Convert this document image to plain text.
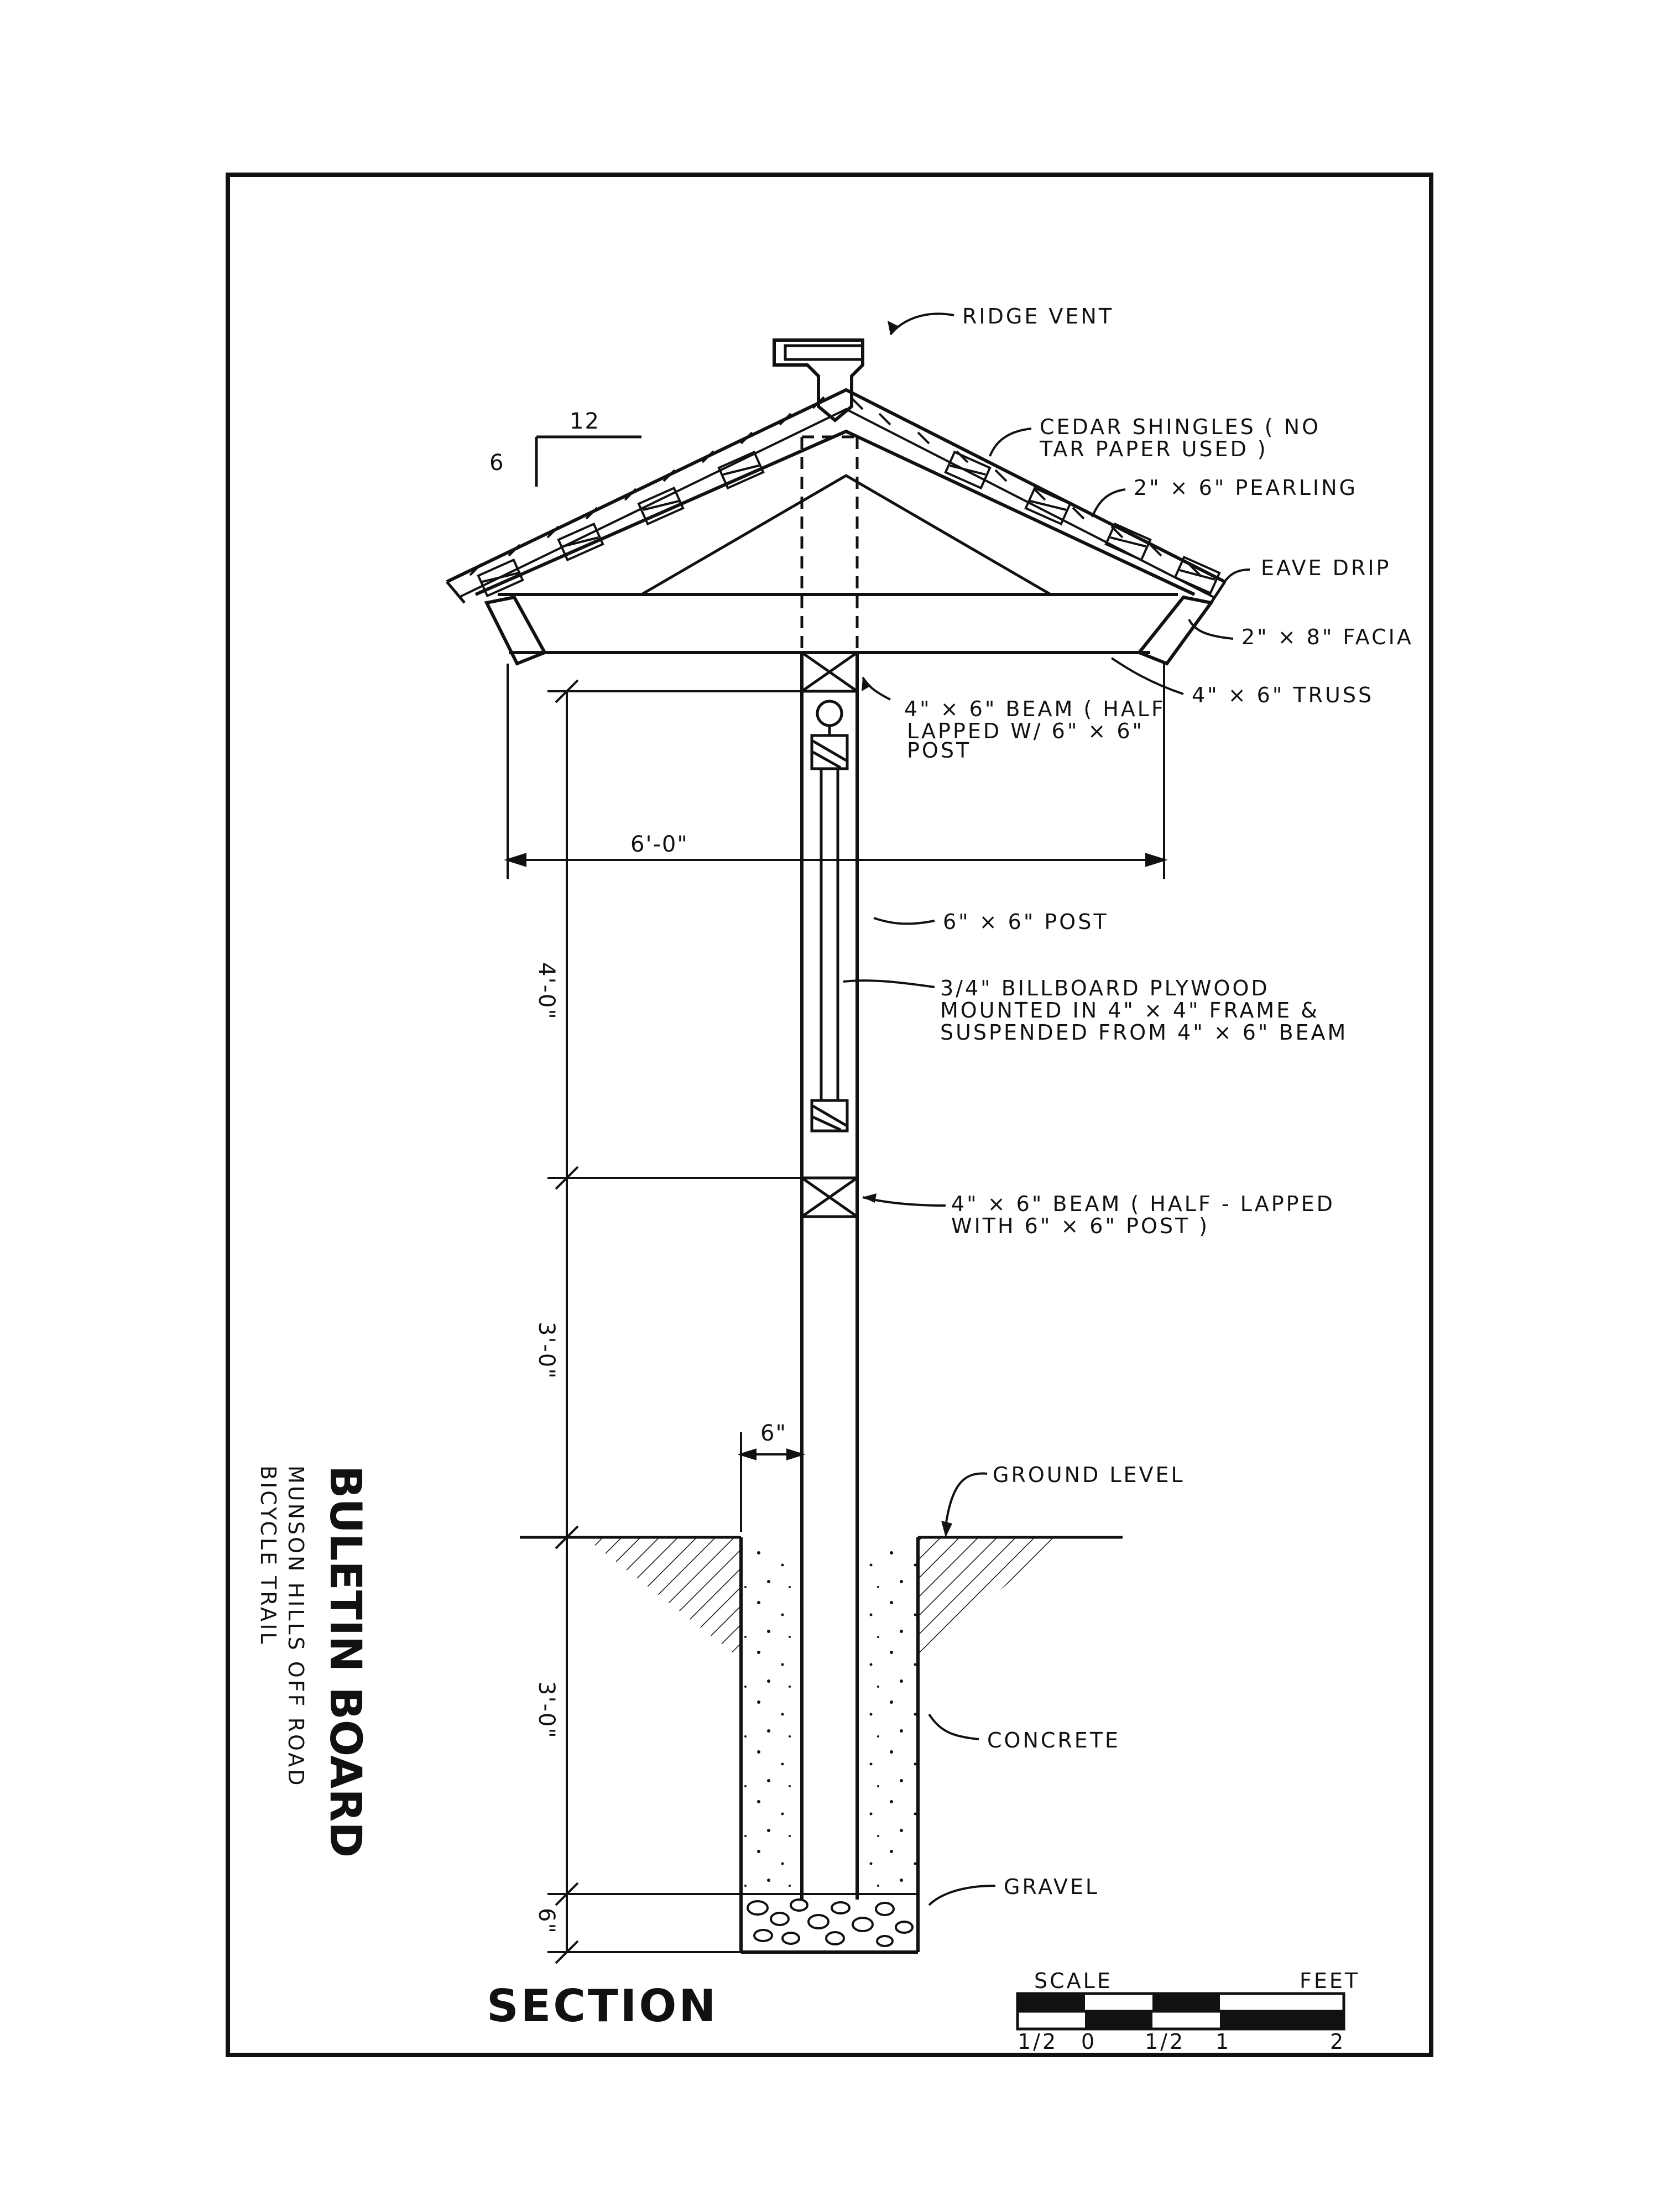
12
6
RIDGE VENT
CEDAR SHINGLES ( NO
TAR PAPER USED )
2" × 6" PEARLING
EAVE DRIP
2" × 8" FACIA
4" × 6" TRUSS
4" × 6" BEAM ( HALF
LAPPED W/ 6" × 6"
POST
6" × 6" POST
3/4" BILLBOARD PLYWOOD
MOUNTED IN 4" × 4" FRAME &
SUSPENDED FROM 4" × 6" BEAM
4" × 6" BEAM ( HALF - LAPPED
WITH 6" × 6" POST )
GROUND LEVEL
CONCRETE
GRAVEL
6'-0"
4'-0"
3'-0"
3'-0"
6"
6"
BULETIN BOARD
MUNSON HILLS OFF ROAD
BICYCLE TRAIL
SECTION	SCALE	FEET
1/2 0 1/2 1	2
